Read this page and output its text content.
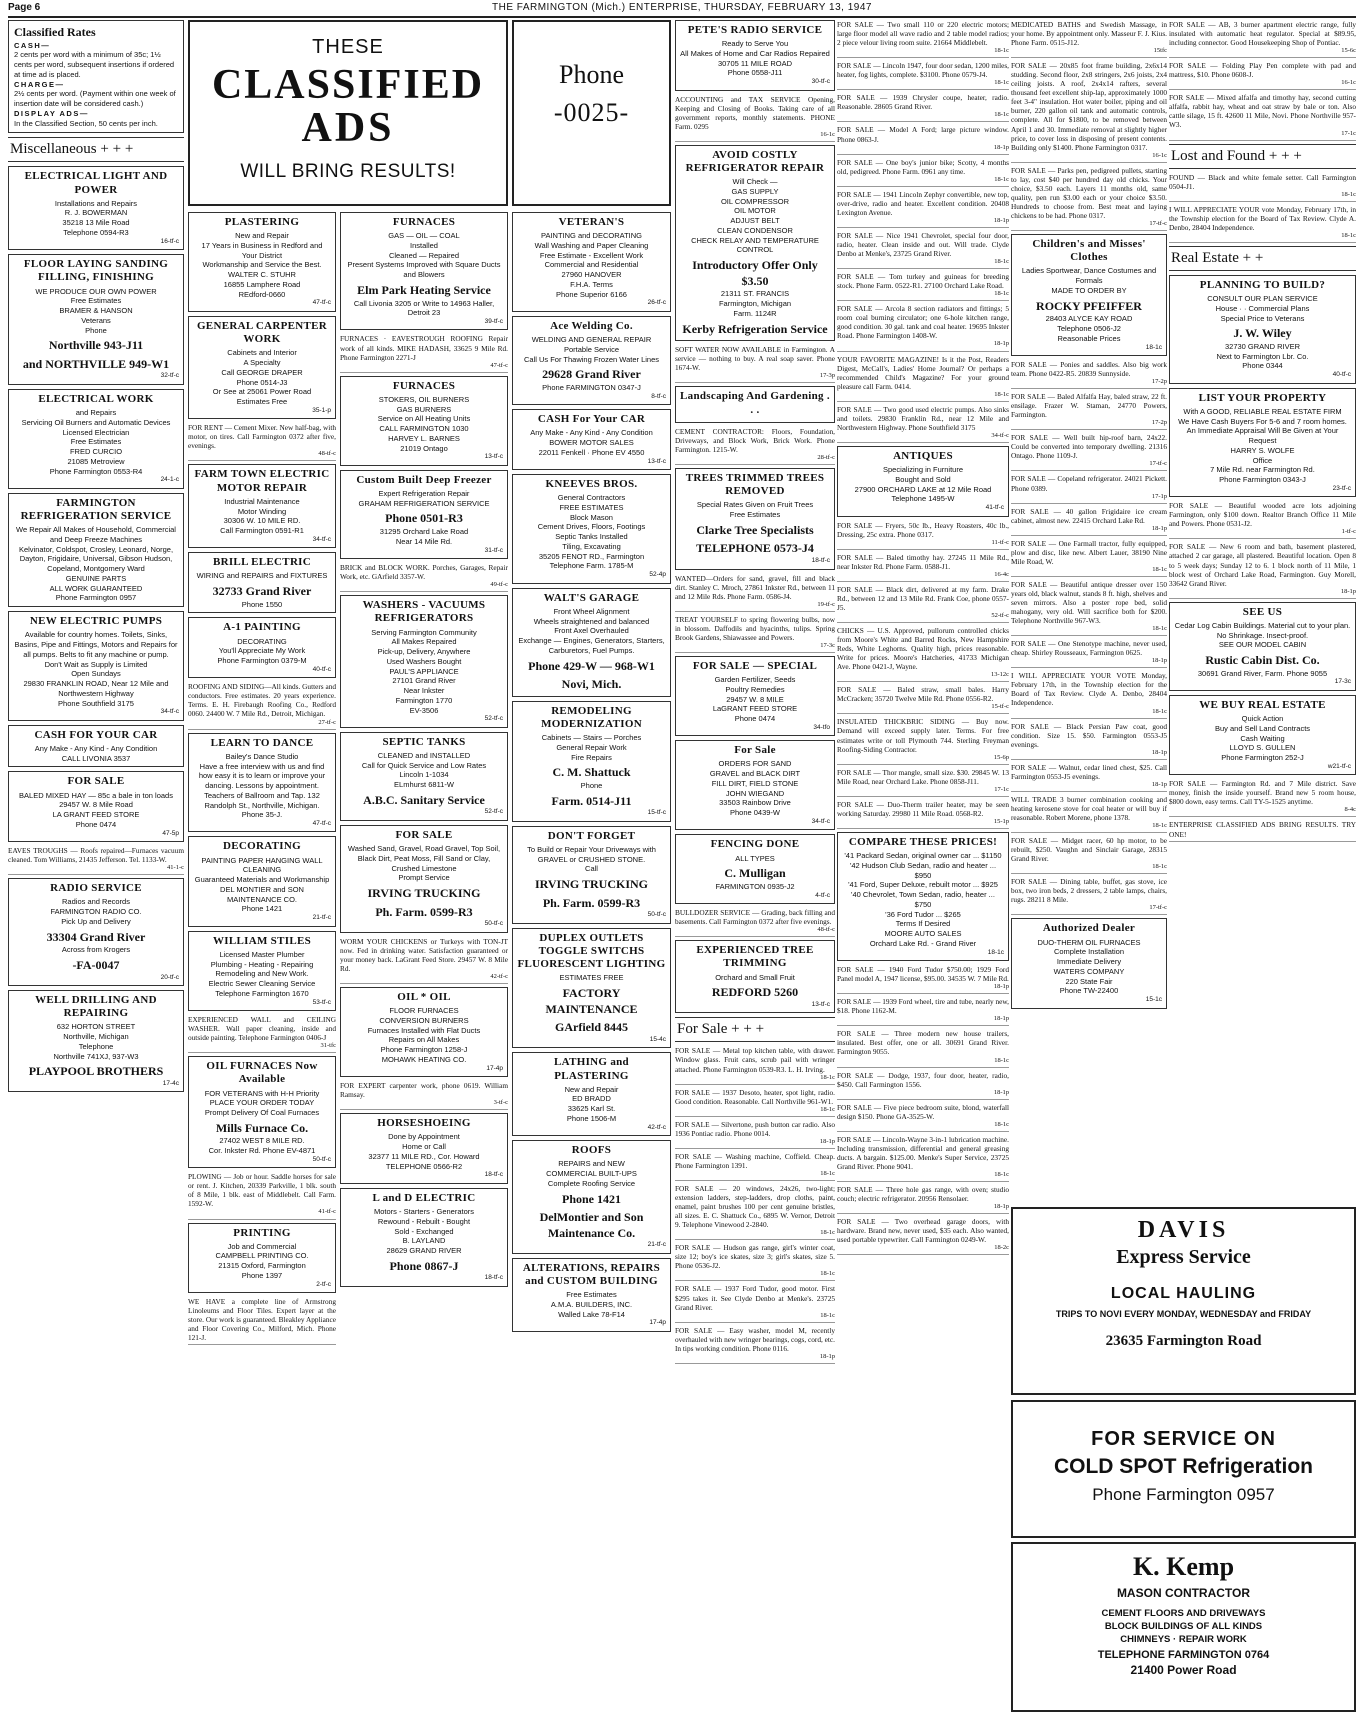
Page 6	THE FARMINGTON (Mich.) ENTERPRISE, THURSDAY, FEBRUARY 13, 1947
Classified Rates
CASH—
2 cents per word with a minimum of 35c; 1½ cents per word, subsequent insertions if ordered at time ad is placed.
CHARGE—
2½ cents per word. (Payment within one week of insertion date will be considered cash.)
DISPLAY ADS—
In the Classified Section, 50 cents per inch.
Miscellaneous + + +
ELECTRICAL LIGHT AND POWER
Installations and Repairs
R. J. BOWERMAN
35218 13 Mile Road
Telephone 0594-R3
16-tf-c
FLOOR LAYING SANDING FILLING, FINISHING
WE PRODUCE OUR OWN POWER
Free Estimates
BRAMER & HANSON
Veterans
Phone
Northville 943-J11
and NORTHVILLE 949-W1
32-tf-c
ELECTRICAL WORK
and Repairs
Servicing Oil Burners and Automatic Devices
Licensed Electrician
Free Estimates
FRED CURCIO
21085 Metroview
Phone Farmington 0553-R4
24-1-c
FARMINGTON REFRIGERATION SERVICE
We Repair All Makes of Household, Commercial and Deep Freeze Machines
Kelvinator, Coldspot, Crosley, Leonard, Norge, Dayton, Frigidaire, Universal, Gibson Hudson, Copeland, Montgomery Ward
GENUINE PARTS
ALL WORK GUARANTEED
Phone Farmington 0957
NEW ELECTRIC PUMPS
Available for country homes. Toilets, Sinks, Basins, Pipe and Fittings, Motors and Repairs for all pumps. Belts to fit any machine or pump.
Don't Wait as Supply is Limited
Open Sundays
29830 FRANKLIN ROAD, Near 12 Mile and Northwestern Highway
Phone Southfield 3175
34-tf-c
CASH FOR YOUR CAR
Any Make - Any Kind - Any Condition
CALL LIVONIA 3537
FOR SALE
BALED MIXED HAY — 85c a bale in ton loads
29457 W. 8 Mile Road
LA GRANT FEED STORE
Phone 0474
47-5p
EAVES TROUGHS — Roofs repaired—Furnaces vacuum cleaned. Tom Williams, 21435 Jefferson. Tel. 1133-W.
41-1-c
RADIO SERVICE
Radios and Records
FARMINGTON RADIO CO.
Pick Up and Delivery
33304 Grand River
Across from Krogers
-FA-0047
20-tf-c
WELL DRILLING AND REPAIRING
632 HORTON STREET
Northville, Michigan
Telephone
Northville 741XJ, 937-W3
PLAYPOOL BROTHERS
17-4c
THESE
CLASSIFIED
ADS
WILL BRING RESULTS!
Phone
-0025-
PLASTERING
New and Repair
17 Years in Business in Redford and Your District
Workmanship and Service the Best.
WALTER C. STUHR
16855 Lamphere Road
REdford-0660
47-tf-c
GENERAL CARPENTER WORK
Cabinets and Interior
A Specialty
Call GEORGE DRAPER
Phone 0514-J3
Or See at 25061 Power Road
Estimates Free
35-1-p
FOR RENT — Cement Mixer. New half-bag, with motor, on tires. Call Farmington 0372 after five, evenings.
48-tf-c
FARM TOWN ELECTRIC MOTOR REPAIR
Industrial Maintenance
Motor Winding
30306 W. 10 MILE RD.
Call Farmington 0591-R1
34-tf-c
BRILL ELECTRIC
WIRING and REPAIRS and FIXTURES
32733 Grand River
Phone 1550
A-1 PAINTING
DECORATING
You'll Appreciate My Work
Phone Farmington 0379-M
40-tf-c
ROOFING AND SIDING—All kinds. Gutters and conductors. Free estimates. 20 years experience. Terms. E. H. Firebaugh Roofing Co., Redford 0060. 24400 W. 7 Mile Rd., Detroit, Michigan.
27-tf-c
LEARN TO DANCE
Bailey's Dance Studio
Have a free interview with us and find how easy it is to learn or improve your dancing. Lessons by appointment. Teachers of Ballroom and Tap. 132 Randolph St., Northville, Michigan. Phone 35-J.
47-tf-c
DECORATING
PAINTING PAPER HANGING WALL CLEANING
Guaranteed Materials and Workmanship
DEL MONTIER and SON MAINTENANCE CO.
Phone 1421
21-tf-c
WILLIAM STILES
Licensed Master Plumber
Plumbing - Heating - Repairing
Remodeling and New Work.
Electric Sewer Cleaning Service
Telephone Farmington 1670
53-tf-c
EXPERIENCED WALL and CEILING WASHER. Wall paper cleaning, inside and outside painting. Telephone Farmington 0406-J
31-tfc
OIL FURNACES Now Available
FOR VETERANS with H-H Priority
PLACE YOUR ORDER TODAY
Prompt Delivery Of Coal Furnaces
Mills Furnace Co.
27402 WEST 8 MILE RD.
Cor. Inkster Rd. Phone EV-4871
50-tf-c
PLOWING — Job or hour. Saddle horses for sale or rent. J. Kitchen, 20339 Parkville, 1 blk. south of 8 Mile, 1 blk. east of Middlebelt. Call Farm. 1592-W.
41-tf-c
PRINTING
Job and Commercial
CAMPBELL PRINTING CO.
21315 Oxford, Farmington
Phone 1397
2-tf-c
WE HAVE a complete line of Armstrong Linoleums and Floor Tiles. Expert layer at the store. Our work is guaranteed. Bleakley Appliance and Floor Covering Co., Milford, Mich. Phone 121-J.
FURNACES
GAS — OIL — COAL
Installed
Cleaned — Repaired
Present Systems Improved with Square Ducts and Blowers
Elm Park Heating Service
Call Livonia 3205 or Write to 14963 Haller, Detroit 23
39-tf-c
FURNACES · EAVESTROUGH ROOFING Repair work of all kinds. MIKE HADASH, 33625 9 Mile Rd. Phone Farmington 2271-J
47-tf-c
FURNACES
STOKERS, OIL BURNERS
GAS BURNERS
Service on All Heating Units
CALL FARMINGTON 1030
HARVEY L. BARNES
21019 Ontago
13-tf-c
Custom Built Deep Freezer
Expert Refrigeration Repair
GRAHAM REFRIGERATION SERVICE
Phone 0501-R3
31295 Orchard Lake Road
Near 14 Mile Rd.
31-tf-c
BRICK and BLOCK WORK. Porches, Garages, Repair Work, etc. GArfield 3357-W.
49-tf-c
WASHERS - VACUUMS REFRIGERATORS
Serving Farmington Community
All Makes Repaired
Pick-up, Delivery, Anywhere
Used Washers Bought
PAUL'S APPLIANCE
27101 Grand River
Near Inkster
Farmington 1770
EV-3506
52-tf-c
SEPTIC TANKS
CLEANED and INSTALLED
Call for Quick Service and Low Rates
Lincoln 1-1034
ELmhurst 6811-W
A.B.C. Sanitary Service
52-tf-c
FOR SALE
Washed Sand, Gravel, Road Gravel, Top Soil, Black Dirt, Peat Moss, Fill Sand or Clay, Crushed Limestone
Prompt Service
IRVING TRUCKING
Ph. Farm. 0599-R3
50-tf-c
WORM YOUR CHICKENS or Turkeys with TON-JT now. Fed in drinking water. Satisfaction guaranteed or your money back. LaGrant Feed Store. 29457 W. 8 Mile Rd.
42-tf-c
OIL * OIL
FLOOR FURNACES
CONVERSION BURNERS
Furnaces Installed with Flat Ducts
Repairs on All Makes
Phone Farmington 1258-J
MOHAWK HEATING CO.
17-4p
FOR EXPERT carpenter work, phone 0619. William Ramsay.
3-tf-c
HORSESHOEING
Done by Appointment
Home or Call
32377 11 MILE RD., Cor. Howard
TELEPHONE 0566-R2
18-tf-c
L and D ELECTRIC
Motors - Starters - Generators
Rewound - Rebuilt - Bought
Sold - Exchanged
B. LAYLAND
28629 GRAND RIVER
Phone 0867-J
18-tf-c
VETERAN'S
PAINTING and DECORATING
Wall Washing and Paper Cleaning
Free Estimate - Excellent Work
Commercial and Residential
27960 HANOVER
F.H.A. Terms
Phone Superior 6166
26-tf-c
Ace Welding Co.
WELDING AND GENERAL REPAIR
Portable Service
Call Us For Thawing Frozen Water Lines
29628 Grand River
Phone FARMINGTON 0347-J
8-tf-c
CASH For Your CAR
Any Make - Any Kind - Any Condition
BOWER MOTOR SALES
22011 Fenkell · Phone EV 4550
13-tf-c
KNEEVES BROS.
General Contractors
FREE ESTIMATES
Block Mason
Cement Drives, Floors, Footings
Septic Tanks Installed
Tiling, Excavating
35205 FENOT RD., Farmington
Telephone Farm. 1785-M
52-4p
WALT'S GARAGE
Front Wheel Alignment
Wheels straightened and balanced
Front Axel Overhauled
Exchange — Engines, Generators, Starters, Carburetors, Fuel Pumps.
Phone 429-W — 968-W1
Novi, Mich.
REMODELING MODERNIZATION
Cabinets — Stairs — Porches
General Repair Work
Fire Repairs
C. M. Shattuck
Phone
Farm. 0514-J11
15-tf-c
DON'T FORGET
To Build or Repair Your Driveways with GRAVEL or CRUSHED STONE.
Call
IRVING TRUCKING
Ph. Farm. 0599-R3
50-tf-c
DUPLEX OUTLETS TOGGLE SWITCHS FLUORESCENT LIGHTING
ESTIMATES FREE
FACTORY MAINTENANCE
GArfield 8445
15-4c
LATHING and PLASTERING
New and Repair
ED BRADD
33625 Karl St.
Phone 1506-M
42-tf-c
ROOFS
REPAIRS and NEW
COMMERCIAL BUILT-UPS
Complete Roofing Service
Phone 1421
DelMontier and Son Maintenance Co.
21-tf-c
ALTERATIONS, REPAIRS and CUSTOM BUILDING
Free Estimates
A.M.A. BUILDERS, INC.
Walled Lake 78-F14
17-4p
PETE'S RADIO SERVICE
Ready to Serve You
All Makes of Home and Car Radios Repaired
30705 11 MILE ROAD
Phone 0558-J11
30-tf-c
ACCOUNTING and TAX SERVICE Opening, Keeping and Closing of Books. Taking care of all government reports, monthly statements. PHONE Farm. 0295
16-1c
AVOID COSTLY REFRIGERATOR REPAIR
Will Check —
GAS SUPPLY
OIL COMPRESSOR
OIL MOTOR
ADJUST BELT
CLEAN CONDENSOR
CHECK RELAY AND TEMPERATURE CONTROL
Introductory Offer Only $3.50
21311 ST. FRANCIS
Farmington, Michigan
Farm. 1124R
Kerby Refrigeration Service
SOFT WATER NOW AVAILABLE in Farmington. A service — nothing to buy. A real soap saver. Phone 1674-W.
17-3p
Landscaping And Gardening . . .
CEMENT CONTRACTOR: Floors, Foundation, Driveways, and Block Work, Brick Work. Phone Farmington. 1215-W.
28-tf-c
TREES TRIMMED TREES REMOVED
Special Rates Given on Fruit Trees
Free Estimates
Clarke Tree Specialists
TELEPHONE 0573-J4
18-tf-c
WANTED—Orders for sand, gravel, fill and black dirt. Stanley C. Mroch, 27861 Inkster Rd., between 11 and 12 Mile Rds. Phone Farm. 0586-J4.
19-tf-c
TREAT YOURSELF to spring flowering bulbs, now in blossom. Daffodils and hyacinths, tulips. Spring Brook Gardens, Shiawassee and Powers.
17-3c
FOR SALE — SPECIAL
Garden Fertilizer, Seeds
Poultry Remedies
29457 W. 8 MILE
LaGRANT FEED STORE
Phone 0474
34-tfo
For Sale
ORDERS FOR SAND
GRAVEL and BLACK DIRT
FILL DIRT, FIELD STONE
JOHN WIEGAND
33503 Rainbow Drive
Phone 0439-W
34-tf-c
FENCING DONE
ALL TYPES
C. Mulligan
FARMINGTON 0935-J2
4-tf-c
BULLDOZER SERVICE — Grading, back filling and basements. Call Farmington 0372 after five evenings.
48-tf-c
EXPERIENCED TREE TRIMMING
Orchard and Small Fruit
REDFORD 5260
13-tf-c
For Sale + + +
FOR SALE — Metal top kitchen table, with drawer. Window glass. Fruit cans, scrub pail with wringer attached. Phone Farmington 0539-R3. L. H. Irving.
18-1c
FOR SALE — 1937 Desoto, heater, spot light, radio. Good condition. Reasonable. Call Northville 961-W1.
18-1c
FOR SALE — Silvertone, push button car radio. Also 1936 Pontiac radio. Phone 0014.
18-1p
FOR SALE — Washing machine, Coffield. Cheap. Phone Farmington 1391.
18-1c
FOR SALE — 20 windows, 24x26, two-light; extension ladders, step-ladders, drop cloths, paint, enamel, paint brushes 100 per cent genuine bristles, all sizes. E. C. Shattuck Co., 6895 W. Vernor, Detroit 9. Telephone Vinewood 2-2840.
18-1c
FOR SALE — Hudson gas range, girl's winter coat, size 12; boy's ice skates, size 3; girl's skates, size 5. Phone 0536-J2.
18-1c
FOR SALE — 1937 Ford Tudor, good motor. First $295 takes it. See Clyde Denbo at Menke's. 23725 Grand River.
18-1c
FOR SALE — Easy washer, model M, recently overhauled with new wringer bearings, cogs, cord, etc. In tips working condition. Phone 0116.
18-1p
FOR SALE — Two small 110 or 220 electric motors; large floor model all wave radio and 2 table model radios; 2 piece velour living room suite. 21664 Middlebelt.
18-1c
FOR SALE — Lincoln 1947, four door sedan, 1200 miles, heater, fog lights, complete. $3100. Phone 0579-J4.
18-1c
FOR SALE — 1939 Chrysler coupe, heater, radio. Reasonable. 28605 Grand River.
18-1c
FOR SALE — Model A Ford; large picture window. Phone 0863-J.
18-1p
FOR SALE — One boy's junior bike; Scotty, 4 months old, pedigreed. Phone Farm. 0961 any time.
18-1c
FOR SALE — 1941 Lincoln Zephyr convertible, new top, over-drive, radio and heater. Excellent condition. 20408 Lexington Avenue.
18-1p
FOR SALE — Nice 1941 Chevrolet, special four door, radio, heater. Clean inside and out. Will trade. Clyde Denbo at Menke's, 23725 Grand River.
18-1c
FOR SALE — Tom turkey and guineas for breeding stock. Phone Farm. 0522-R1. 27100 Orchard Lake Road.
18-1c
FOR SALE — Arcola 8 section radiators and fittings; 5 room coal burning circulator; one 6-hole kitchen range, good condition. 30 gal. tank and coal heater. 19695 Inkster Road. Phone Farmington 1408-W.
18-1p
YOUR FAVORITE MAGAZINE! Is it the Post, Readers Digest, McCall's, Ladies' Home Journal? Or perhaps a recommended Child's Magazine? For your ground pleasure call Farm. 0414.
18-1c
FOR SALE — Two good used electric pumps. Also sinks and toilets. 29830 Franklin Rd., near 12 Mile and Northwestern Highway. Phone Southfield 3175
34-tf-c
ANTIQUES
Specializing in Furniture
Bought and Sold
27900 ORCHARD LAKE at 12 Mile Road
Telephone 1495-W
41-tf-c
FOR SALE — Fryers, 50c lb., Heavy Roasters, 40c lb., Dressing, 25c extra. Phone 0317.
11-tf-c
FOR SALE — Baled timothy hay. 27245 11 Mile Rd., near Inkster Rd. Phone Farm. 0588-J1.
16-4c
FOR SALE — Black dirt, delivered at my farm. Drake Rd., between 12 and 13 Mile Rd. Frank Coe, phone 0557-J5.
52-tf-c
CHICKS — U.S. Approved, pullorum controlled chicks from Moore's White and Barred Rocks, New Hampshire Reds, White Leghorns. Quality high, prices reasonable. Write for prices. Moore's Hatcheries, 41733 Michigan Ave. Phone 0421-J, Wayne.
13-12c
FOR SALE — Baled straw, small bales. Harry McCracken; 35720 Twelve Mile Rd. Phone 0556-R2.
15-tf-c
INSULATED THICKBRIC SIDING — Buy now. Demand will exceed supply later. Terms. For free estimates write or toll Plymouth 744. Sterling Freyman Roofing-Siding Contractor.
15-6p
FOR SALE — Thor mangle, small size. $30. 29845 W. 13 Mile Road, near Orchard Lake. Phone 0858-J11.
17-1c
FOR SALE — Duo-Therm trailer heater, may be seen working Saturday. 29980 11 Mile Road. 0568-R2.
15-1p
COMPARE THESE PRICES!
'41 Packard Sedan, original owner car ... $1150
'42 Hudson Club Sedan, radio and heater ... $950
'41 Ford, Super Deluxe, rebuilt motor ... $925
'40 Chevrolet, Town Sedan, radio, heater ... $750
'36 Ford Tudor ... $265
Terms If Desired
MOORE AUTO SALES
Orchard Lake Rd. - Grand River
18-1c
FOR SALE — 1940 Ford Tudor $750.00; 1929 Ford Panel model A, 1947 license, $95.00. 34535 W. 7 Mile Rd.
18-1p
FOR SALE — 1939 Ford wheel, tire and tube, nearly new, $18. Phone 1162-M.
18-1p
FOR SALE — Three modern new house trailers, insulated. Best offer, one or all. 30691 Grand River. Farmington 9055.
18-1c
FOR SALE — Dodge, 1937, four door, heater, radio, $450. Call Farmington 1556.
18-1p
FOR SALE — Five piece bedroom suite, blond, waterfall design $150. Phone GA-3525-W.
18-1c
FOR SALE — Lincoln-Wayne 3-in-1 lubrication machine. Including transmission, differential and general greasing ducts. A bargain. $125.00. Menke's Super Service, 23725 Grand River. Phone 9041.
18-1c
FOR SALE — Three hole gas range, with oven; studio couch; electric refrigerator. 20956 Rensolaer.
18-1p
FOR SALE — Two overhead garage doors, with hardware. Brand new, never used, $35 each. Also wanted, used portable typewriter. Call Farmington 0249-W.
18-2c
MEDICATED BATHS and Swedish Massage, in your home. By appointment only. Masseur F. J. Kius. Phone Farm. 0515-J12.
15tfc
FOR SALE — 20x85 foot frame building, 2x6x14 studding. Second floor, 2x8 stringers, 2x6 joists, 2x4 ceiling joists. A roof, 2x4x14 rafters, several thousand feet excellent ship-lap, approximately 1000 feet 3-4" insulation. Hot water boiler, piping and oil burner, 220 gallon oil tank and automatic controls, complete. All for $1800, to be removed between April 1 and 30. Immediate removal at slightly higher price, to cover loss in disposing of present contents. Building only $1400. Phone Farmington 0317.
16-1c
FOR SALE — Parks pen, pedigreed pullets, starting to lay, cost $40 per hundred day old chicks. Your choice, $3.50 each. Layers 11 months old, same quality, pen run $3.00 each or your choice $3.50. Hundreds to choose from. Best meat and laying chickens to be had. Phone 0317.
17-tf-c
Children's and Misses' Clothes
Ladies Sportwear, Dance Costumes and Formals
MADE TO ORDER BY
ROCKY PFEIFFER
28403 ALYCE KAY ROAD
Telephone 0506-J2
Reasonable Prices
18-1c
FOR SALE — Ponies and saddles. Also big work team. Phone 0422-R5. 20839 Sunnyside.
17-2p
FOR SALE — Baled Alfalfa Hay, baled straw, 22 ft. ensilage. Frazer W. Staman, 24770 Powers, Farmington.
17-2p
FOR SALE — Well built hip-roof barn, 24x22. Could be converted into temporary dwelling. 21316 Ontago. Phone 1109-J.
17-tf-c
FOR SALE — Copeland refrigerator. 24021 Pickett. Phone 0389.
17-1p
FOR SALE — 40 gallon Frigidaire ice cream cabinet, almost new. 22415 Orchard Lake Rd.
18-1p
FOR SALE — One Farmall tractor, fully equipped, plow and disc, like new. Albert Lauer, 38190 Nine Mile Road, W.
18-1c
FOR SALE — Beautiful antique dresser over 150 years old, black walnut, stands 8 ft. high, shelves and seven mirrors. Also a poster rope bed, solid mahogany, very old. Will sacrifice both for $200. Telephone Northville 967-W3.
18-1c
FOR SALE — One Stenotype machine, never used, cheap. Shirley Rousseaux, Farmington 0625.
18-1p
I WILL APPRECIATE YOUR VOTE Monday, February 17th, in the Township election for the Board of Tax Review. Clyde A. Denbo, 28404 Independence.
18-1c
FOR SALE — Black Persian Paw coat, good condition. Size 15. $50. Farmington 0553-J5 evenings.
18-1p
FOR SALE — Walnut, cedar lined chest, $25. Call Farmington 0553-J5 evenings.
18-1p
WILL TRADE 3 burner combination cooking and heating kerosene stove for coal heater or will buy if reasonable. Robert Morene, phone 1378.
18-1c
FOR SALE — Midget racer, 60 hp motor, to be rebuilt, $250. Vaughn and Sinclair Garage, 28315 Grand River.
18-1c
FOR SALE — Dining table, buffet, gas stove, ice box, two iron beds, 2 dressers, 2 table lamps, chairs, rugs. 28211 8 Mile.
17-tf-c
Authorized Dealer
DUO-THERM OIL FURNACES
Complete Installation
Immediate Delivery
WATERS COMPANY
220 State Fair
Phone TW-22400
15-1c
FOR SALE — AB, 3 burner apartment electric range, fully insulated with automatic heat regulator. Special at $89.95, including connector. Good Housekeeping Shop of Pontiac.
15-6c
FOR SALE — Folding Play Pen complete with pad and mattress, $10. Phone 0608-J.
16-1c
FOR SALE — Mixed alfalfa and timothy hay, second cutting alfalfa, rabbit hay, wheat and oat straw by bale or ton. Also cattle silage, 15 ft. 42600 11 Mile, Novi. Phone Northville 957-W3.
17-1c
Lost and Found + + +
FOUND — Black and white female setter. Call Farmington 0504-J1.
18-1c
I WILL APPRECIATE YOUR vote Monday, February 17th, in the Township election for the Board of Tax Review. Clyde A. Denbo, 28404 Independence.
18-1c
Real Estate + +
PLANNING TO BUILD?
CONSULT OUR PLAN SERVICE
House · · Commercial Plans
Special Price to Veterans
J. W. Wiley
32730 GRAND RIVER
Next to Farmington Lbr. Co.
Phone 0344
40-tf-c
LIST YOUR PROPERTY
With A GOOD, RELIABLE REAL ESTATE FIRM
We Have Cash Buyers For 5-6 and 7 room homes.
An Immediate Appraisal Will Be Given at Your Request
HARRY S. WOLFE
Office
7 Mile Rd. near Farmington Rd.
Phone Farmington 0343-J
23-tf-c
FOR SALE — Beautiful wooded acre lots adjoining Farmington, only $100 down. Realtor Branch Office 11 Mile and Powers. Phone 0531-J2.
1-tf-c
FOR SALE — New 6 room and bath, basement plastered, attached 2 car garage, all plastered. Beautiful location. Open 8 to 5 week days; Sunday 12 to 6. 1 block north of 11 Mile, 1 block west of Orchard Lake Road, Farmington. Guy Morell, 33642 Grand River.
18-1p
SEE US
Cedar Log Cabin Buildings. Material cut to your plan. No Shrinkage. Insect-proof.
SEE OUR MODEL CABIN
Rustic Cabin Dist. Co.
30691 Grand River, Farm. Phone 9055
17-3c
WE BUY REAL ESTATE
Quick Action
Buy and Sell Land Contracts
Cash Waiting
LLOYD S. GULLEN
Phone Farmington 252-J
w21-tf-c
FOR SALE — Farmington Rd. and 7 Mile district. Save money, finish the inside yourself. Brand new 5 room house, $800 down, easy terms. Call TY-5-1525 anytime.
8-4c
ENTERPRISE CLASSIFIED ADS BRING RESULTS. TRY ONE!
DAVIS
Express Service
LOCAL HAULING
TRIPS TO NOVI EVERY MONDAY, WEDNESDAY and FRIDAY
23635 Farmington Road
FOR SERVICE ON
COLD SPOT Refrigeration
Phone Farmington 0957
K. Kemp
MASON CONTRACTOR
CEMENT FLOORS AND DRIVEWAYS
BLOCK BUILDINGS OF ALL KINDS
CHIMNEYS · REPAIR WORK
TELEPHONE FARMINGTON 0764
21400 Power Road
